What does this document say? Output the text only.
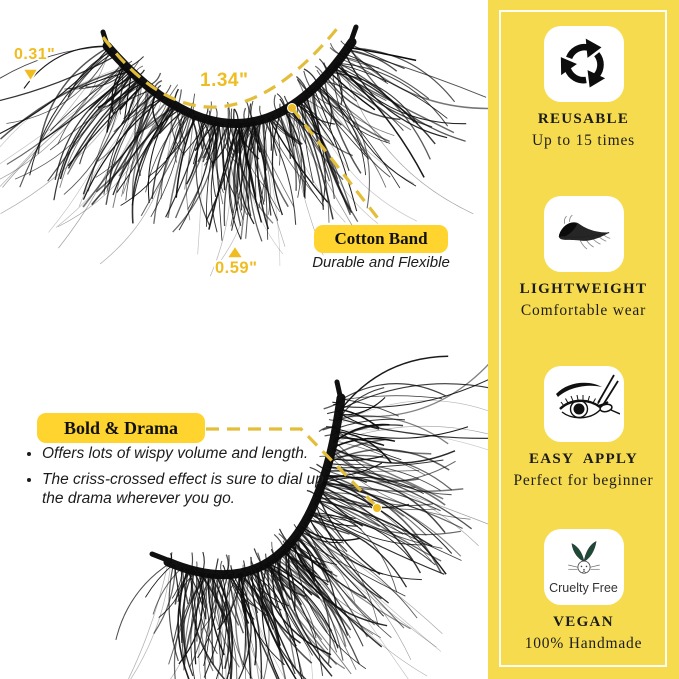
0.31"
1.34"
0.59"
Cotton Band
Durable and Flexible
Bold & Drama
• Offers lots of wispy volume and length.
• The criss-crossed effect is sure to dial up the drama wherever you go.
REUSABLE
Up to 15 times
LIGHTWEIGHT
Comfortable wear
EASY APPLY
Perfect for beginner
Cruelty Free
VEGAN
100% Handmade
